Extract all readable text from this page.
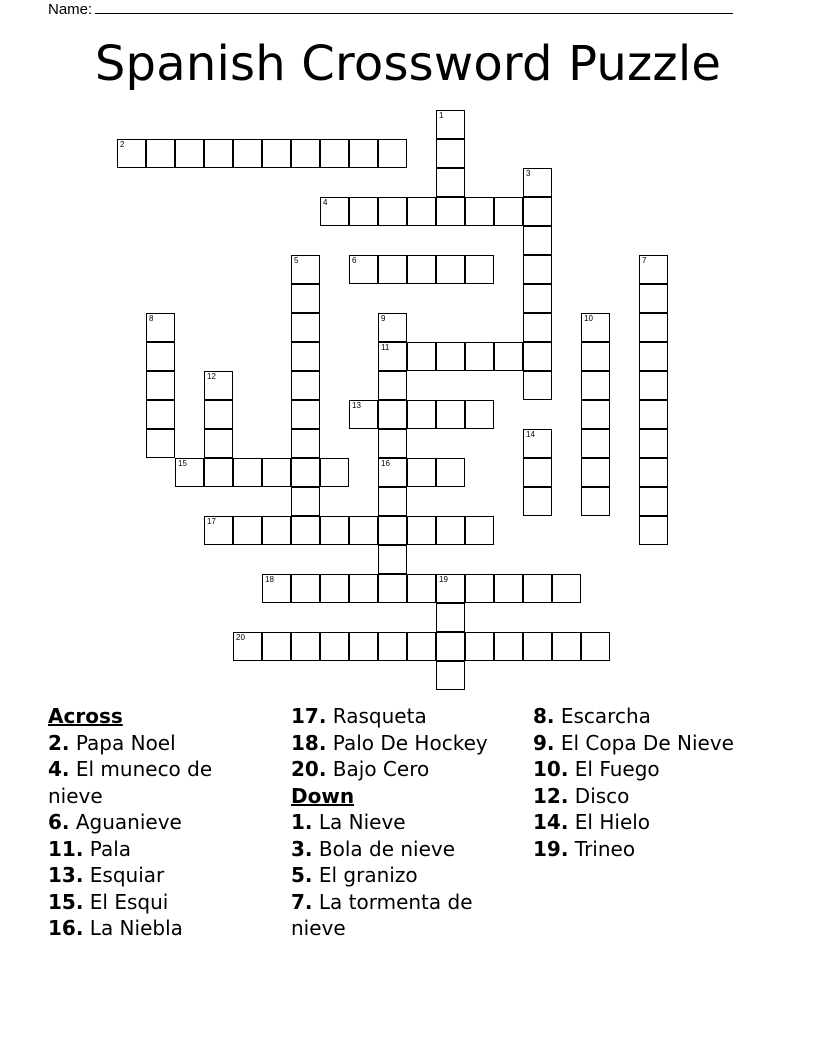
Name:
Spanish Crossword Puzzle
1
2
3
4
5	6	7
8	9
11
16
10
12
13
14
15
17
18	19
20
Across
2. Papa Noel
4. El muneco de nieve
6. Aguanieve
11. Pala
13. Esquiar
15. El Esqui
16. La Niebla
17. Rasqueta
18. Palo De Hockey
20. Bajo Cero
Down
1. La Nieve
3. Bola de nieve
5. El granizo
7. La tormenta de nieve
8. Escarcha
9. El Copa De Nieve
10. El Fuego
12. Disco
14. El Hielo
19. Trineo
